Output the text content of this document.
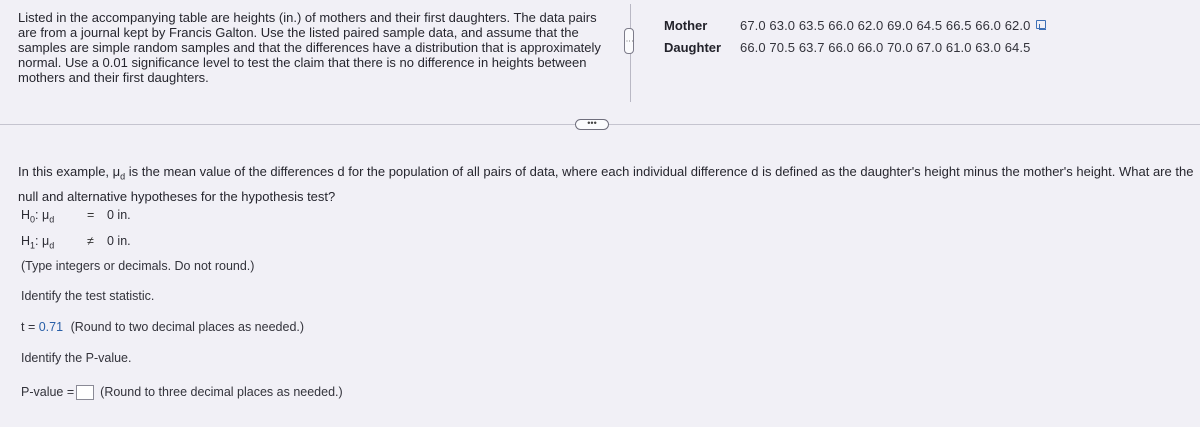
Listed in the accompanying table are heights (in.) of mothers and their first daughters. The data pairs are from a journal kept by Francis Galton. Use the listed paired sample data, and assume that the samples are simple random samples and that the differences have a distribution that is approximately normal. Use a 0.01 significance level to test the claim that there is no difference in heights between mothers and their first daughters.
⋮
Mother	67.0 63.0 63.5 66.0 62.0 69.0 64.5 66.5 66.0 62.0
Daughter	66.0 70.5 63.7 66.0 66.0 70.0 67.0 61.0 63.0 64.5
•••
In this example, $\mu_d$ is the mean value of the differences d for the population of all pairs of data, where each individual difference d is defined as the daughter's height minus the mother's height. What are the null and alternative hypotheses for the hypothesis test?
$H_0$: $\mu_d$	= 0 in.
$H_1$: $\mu_d$	≠ 0 in.
(Type integers or decimals. Do not round.)
Identify the test statistic.
t = 0.71 (Round to two decimal places as needed.)
Identify the P-value.
P-value = (Round to three decimal places as needed.)
